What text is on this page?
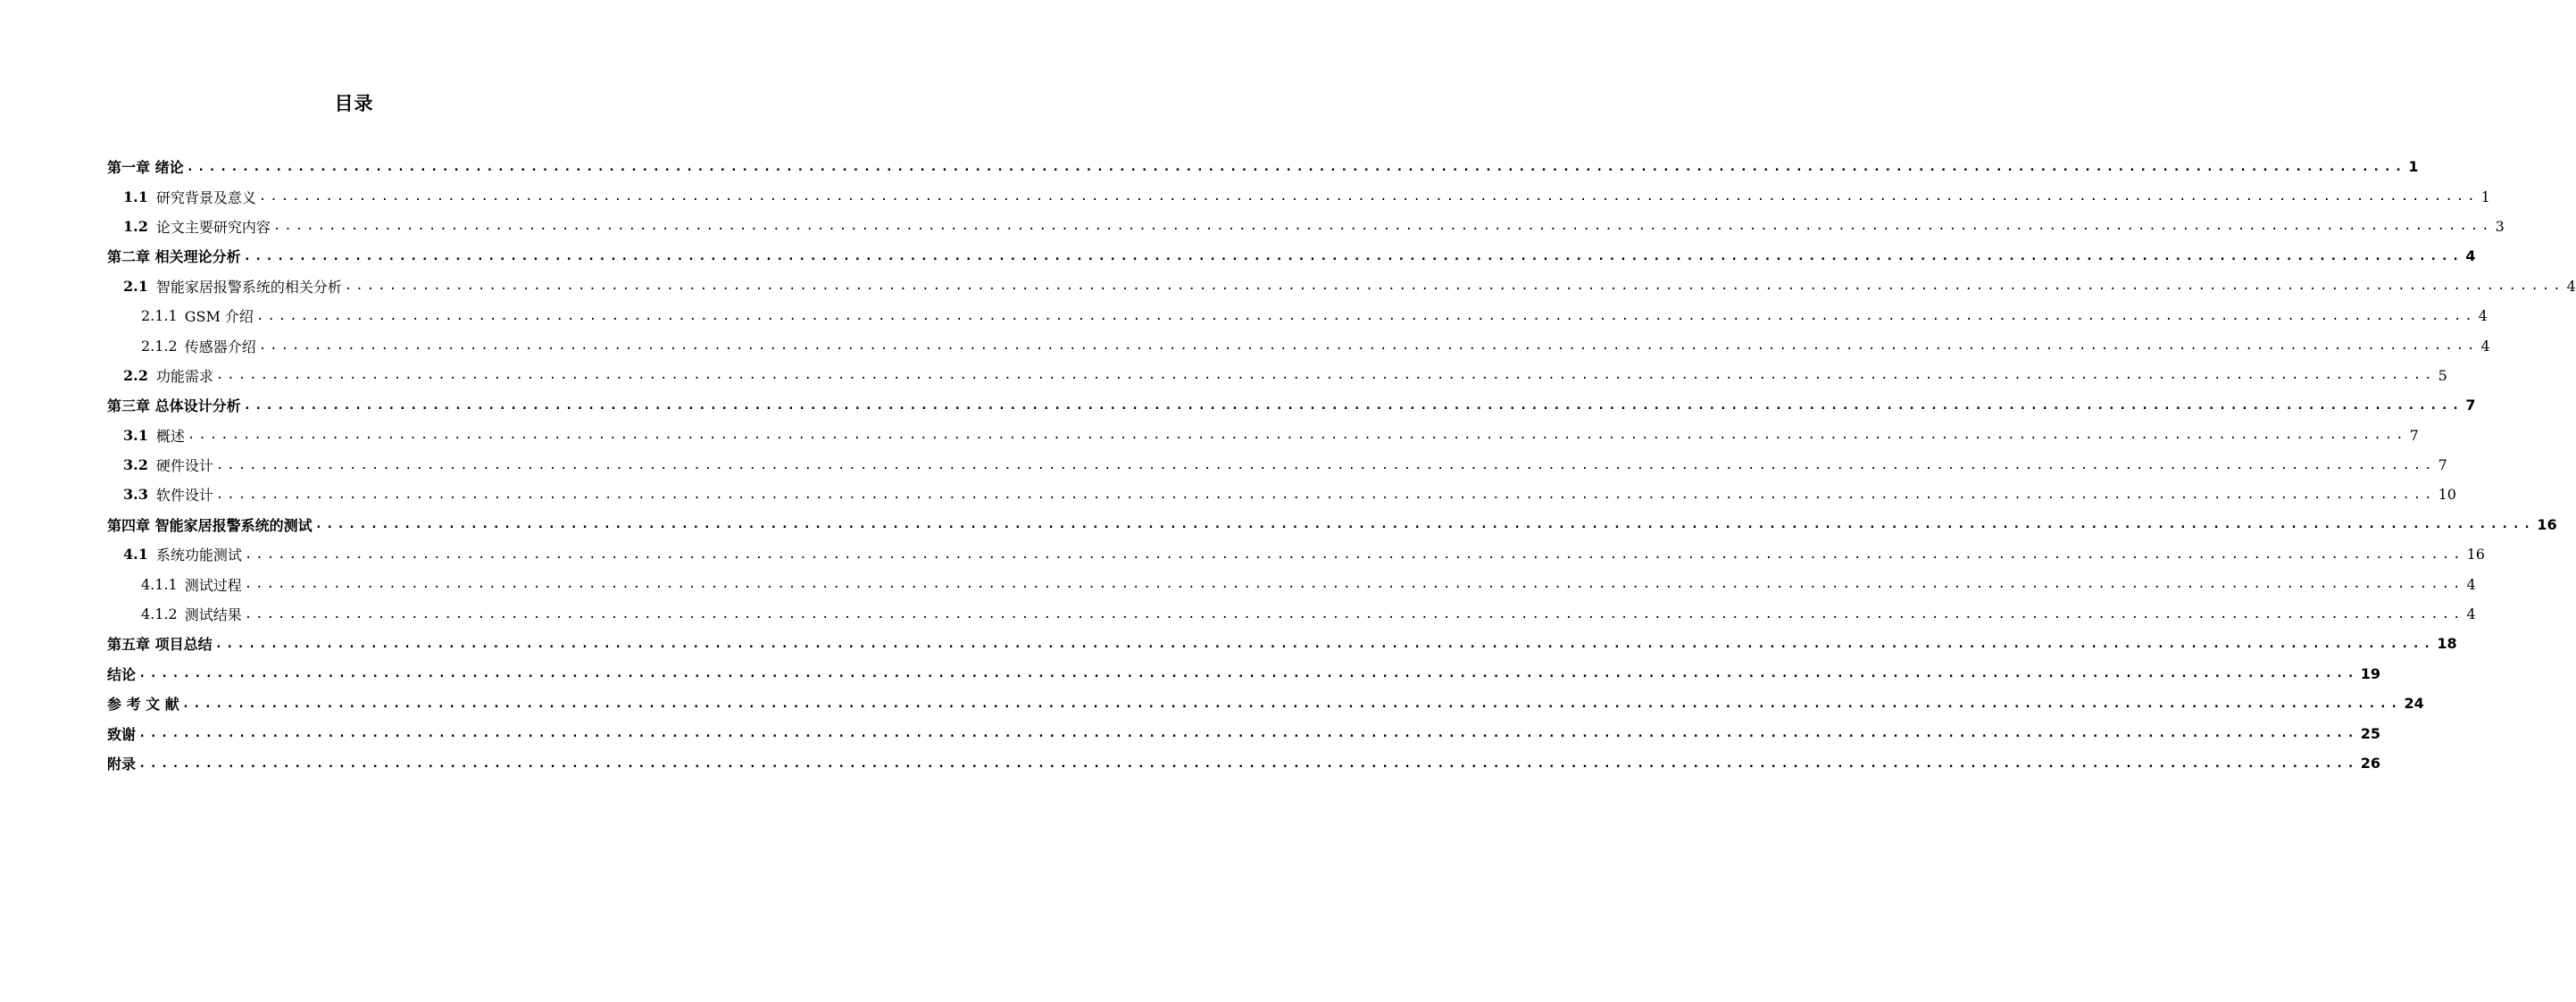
目录
第一章 绪论 ........................................................................................................................................................................................................ 1
1.1 研究背景及意义 ........................................................................................................................................................................................................ 1
1.2 论文主要研究内容 ........................................................................................................................................................................................................ 3
第二章 相关理论分析 ........................................................................................................................................................................................................ 4
2.1 智能家居报警系统的相关分析 ........................................................................................................................................................................................................ 4
2.1.1 GSM 介绍 ........................................................................................................................................................................................................ 4
2.1.2 传感器介绍 ........................................................................................................................................................................................................ 4
2.2 功能需求 ........................................................................................................................................................................................................ 5
第三章 总体设计分析 ........................................................................................................................................................................................................ 7
3.1 概述 ........................................................................................................................................................................................................ 7
3.2 硬件设计 ........................................................................................................................................................................................................ 7
3.3 软件设计 ........................................................................................................................................................................................................ 10
第四章 智能家居报警系统的测试 ........................................................................................................................................................................................................ 16
4.1 系统功能测试 ........................................................................................................................................................................................................ 16
4.1.1 测试过程 ........................................................................................................................................................................................................ 4
4.1.2 测试结果 ........................................................................................................................................................................................................ 4
第五章 项目总结 ........................................................................................................................................................................................................ 18
结论 ........................................................................................................................................................................................................ 19
参 考 文 献 ........................................................................................................................................................................................................ 24
致谢 ........................................................................................................................................................................................................ 25
附录 ........................................................................................................................................................................................................ 26
